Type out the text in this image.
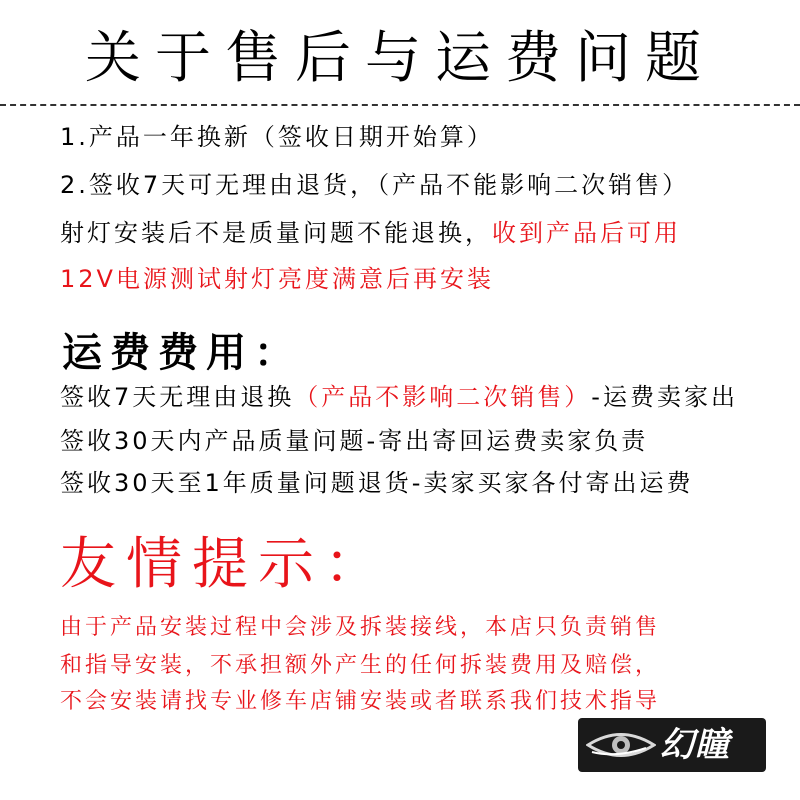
关于售后与运费问题
1.产品一年换新（签收日期开始算）
2.签收7天可无理由退货，（产品不能影响二次销售）
射灯安装后不是质量问题不能退换，收到产品后可用
12V电源测试射灯亮度满意后再安装
运费费用：
签收7天无理由退换（产品不影响二次销售）-运费卖家出
签收30天内产品质量问题-寄出寄回运费卖家负责
签收30天至1年质量问题退货-卖家买家各付寄出运费
友情提示：
由于产品安装过程中会涉及拆装接线，本店只负责销售
和指导安装，不承担额外产生的任何拆装费用及赔偿，
不会安装请找专业修车店铺安装或者联系我们技术指导
幻瞳
